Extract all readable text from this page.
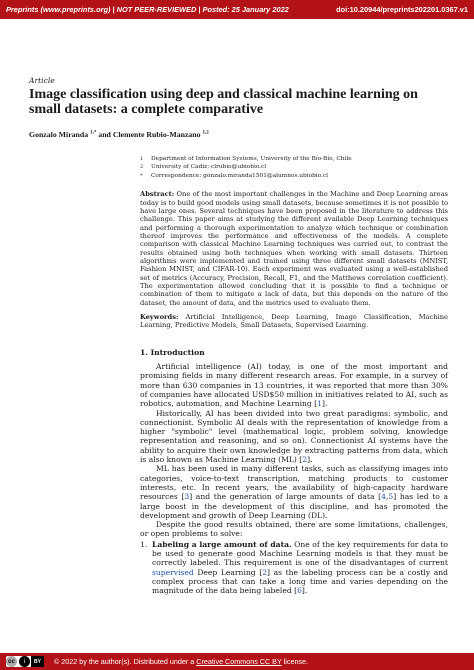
Preprints (www.preprints.org) | NOT PEER-REVIEWED | Posted: 25 January 2022	doi:10.20944/preprints202201.0367.v1
Article
Image classification using deep and classical machine learning on small datasets: a complete comparative
Gonzalo Miranda $^{1,*}$ and Clemente Rubio-Manzano $^{1,2}$
1	Department of Information Systems, University of the Bío-Bío, Chile
2	University of Cadiz; clrubio@ubiobio.cl
*	Correspondence: gonzalo.miranda1501@alumnos.ubiobio.cl
Abstract: One of the most important challenges in the Machine and Deep Learning areas today is to build good models using small datasets, because sometimes it is not possible to have large ones. Several techniques have been proposed in the literature to address this challenge. This paper aims at studying the different available Deep Learning techniques and performing a thorough experimentation to analyze which technique or combination thereof improves the performance and effectiveness of the models. A complete comparison with classical Machine Learning techniques was carried out, to contrast the results obtained using both techniques when working with small datasets. Thirteen algorithms were implemented and trained using three different small datasets (MNIST, Fashion MNIST, and CIFAR-10). Each experiment was evaluated using a well-established set of metrics (Accuracy, Precision, Recall, F1, and the Matthews correlation coefficient). The experimentation allowed concluding that it is possible to find a technique or combination of them to mitigate a lack of data, but this depends on the nature of the dataset, the amount of data, and the metrics used to evaluate them.
Keywords: Artificial Intelligence, Deep Learning, Image Classification, Machine Learning, Predictive Models, Small Datasets, Supervised Learning.
1. Introduction

Artificial intelligence (AI) today, is one of the most important and promising fields in many different research areas. For example, in a survey of more than 630 companies in 13 countries, it was reported that more than 30% of companies have allocated USD$50 million in initiatives related to AI, such as robotics, automation, and Machine Learning [1].

Historically, AI has been divided into two great paradigms: symbolic, and connectionist. Symbolic AI deals with the representation of knowledge from a higher "symbolic" level (mathematical logic, problem solving, knowledge representation and reasoning, and so on). Connectionist AI systems have the ability to acquire their own knowledge by extracting patterns from data, which is also known as Machine Learning (ML) [2].

ML has been used in many different tasks, such as classifying images into categories, voice-to-text transcription, matching products to customer interests, etc. In recent years, the availability of high-capacity hardware resources [3] and the generation of large amounts of data [4,5] has led to a large boost in the development of this discipline, and has promoted the development and growth of Deep Learning (DL).

Despite the good results obtained, there are some limitations, challenges, or open problems to solve:

1. Labeling a large amount of data. One of the key requirements for data to be used to generate good Machine Learning models is that they must be correctly labeled. This requirement is one of the disadvantages of current supervised Deep Learning [2] as the labeling process can be a costly and complex process that can take a long time and varies depending on the magnitude of the data being labeled [6].
cc	i	BY	© 2022 by the author(s). Distributed under a Creative Commons CC BY license.
